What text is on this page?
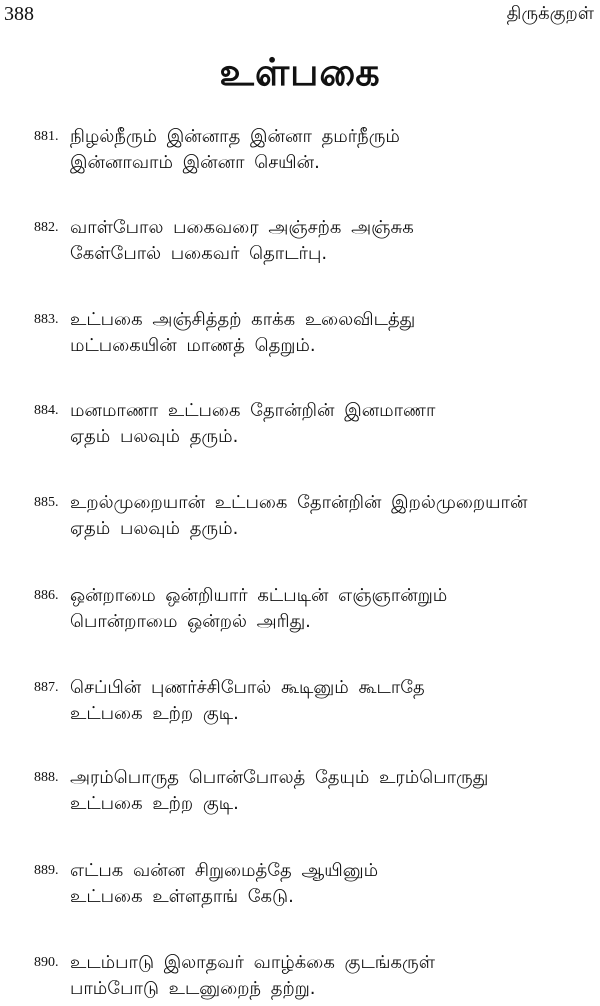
388	திருக்குறள்
உள்பகை
881. நிழல்நீரும் இன்னாத இன்னா தமர்நீரும்
இன்னாவாம் இன்னா செயின்.
882. வாள்போல பகைவரை அஞ்சற்க அஞ்சுக
கேள்போல் பகைவர் தொடர்பு.
883. உட்பகை அஞ்சித்தற் காக்க உலைவிடத்து
மட்பகையின் மாணத் தெறும்.
884. மனமாணா உட்பகை தோன்றின் இனமாணா
ஏதம் பலவும் தரும்.
885. உறல்முறையான் உட்பகை தோன்றின் இறல்முறையான்
ஏதம் பலவும் தரும்.
886. ஒன்றாமை ஒன்றியார் கட்படின் எஞ்ஞான்றும்
பொன்றாமை ஒன்றல் அரிது.
887. செப்பின் புணர்ச்சிபோல் கூடினும் கூடாதே
உட்பகை உற்ற குடி.
888. அரம்பொருத பொன்போலத் தேயும் உரம்பொருது
உட்பகை உற்ற குடி.
889. எட்பக வன்ன சிறுமைத்தே ஆயினும்
உட்பகை உள்ளதாங் கேடு.
890. உடம்பாடு இலாதவர் வாழ்க்கை குடங்கருள்
பாம்போடு உடனுறைந் தற்று.
